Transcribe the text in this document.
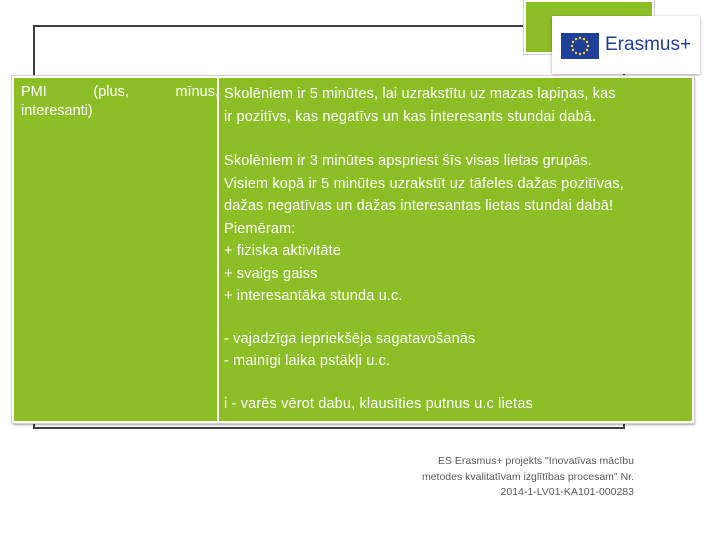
Erasmus+
PMI	(plus,	mīnus,
interesanti)
Skolēniem ir 5 minūtes, lai uzrakstītu uz mazas lapiņas, kas
ir pozitīvs, kas negatīvs un kas interesants stundai dabā.
Skolēniem ir 3 minūtes apspriest šīs visas lietas grupās.
Visiem kopā ir 5 minūtes uzrakstīt uz tāfeles dažas pozitīvas,
dažas negatīvas un dažas interesantas lietas stundai dabā!
Piemēram:
+ fiziska aktivitāte
+ svaigs gaiss
+ interesantāka stunda u.c.
- vajadzīga iepriekšēja sagatavošanās
- mainīgi laika pstākļi u.c.
i - varēs vērot dabu, klausīties putnus u.c lietas
ES Erasmus+ projekts "Inovatīvas mācību
metodes kvalitatīvam izglītības procesam" Nr.
2014-1-LV01-KA101-000283
